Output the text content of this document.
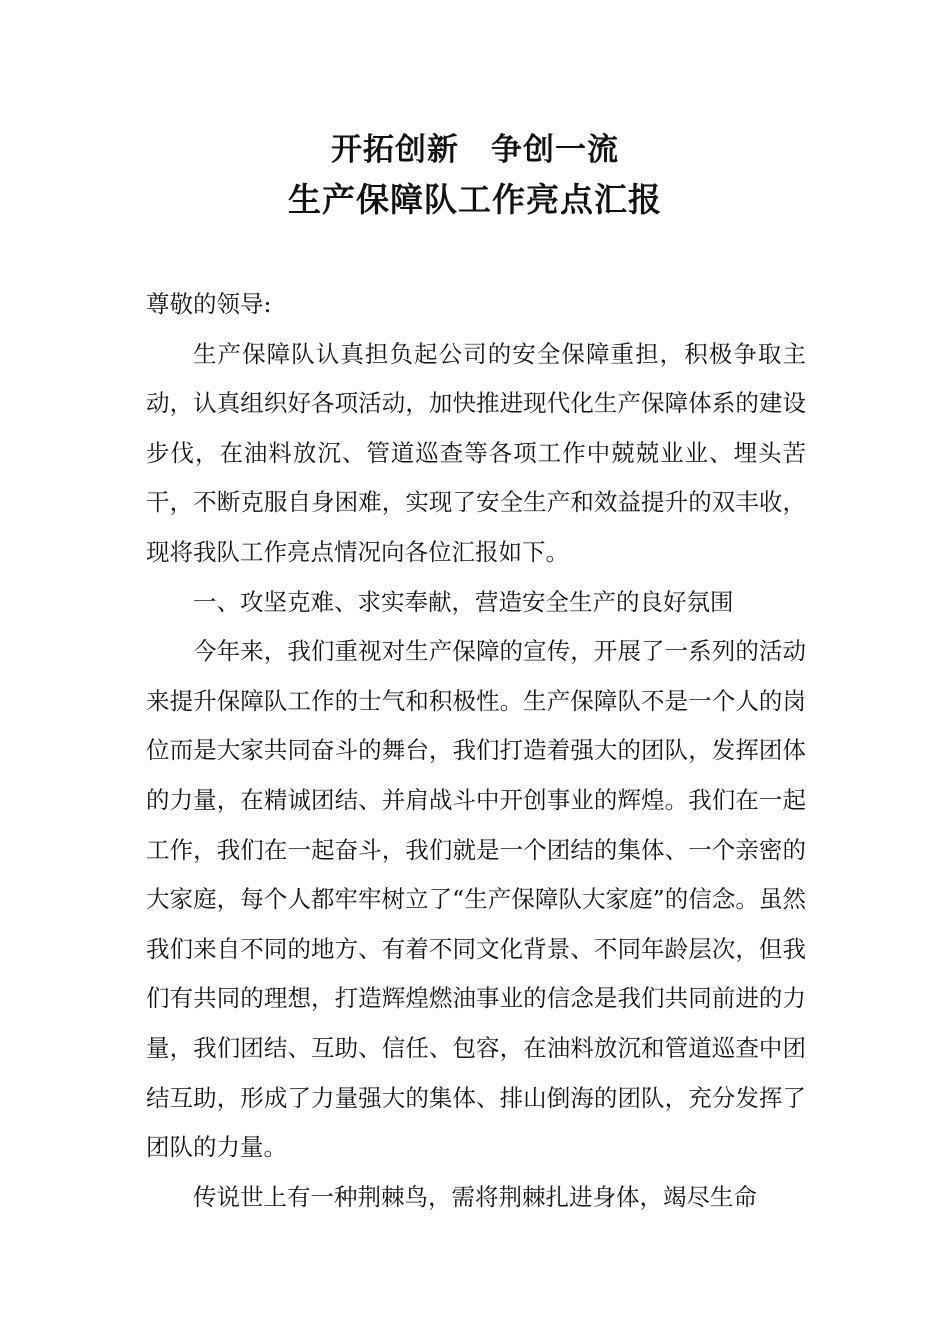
开拓创新　争创一流
生产保障队工作亮点汇报

尊敬的领导:

生产保障队认真担负起公司的安全保障重担，积极争取主动，认真组织好各项活动，加快推进现代化生产保障体系的建设步伐，在油料放沉、管道巡查等各项工作中兢兢业业、埋头苦干，不断克服自身困难，实现了安全生产和效益提升的双丰收，现将我队工作亮点情况向各位汇报如下。

一、攻坚克难、求实奉献，营造安全生产的良好氛围

今年来，我们重视对生产保障的宣传，开展了一系列的活动来提升保障队工作的士气和积极性。生产保障队不是一个人的岗位而是大家共同奋斗的舞台，我们打造着强大的团队，发挥团体的力量，在精诚团结、并肩战斗中开创事业的辉煌。我们在一起工作，我们在一起奋斗，我们就是一个团结的集体、一个亲密的大家庭，每个人都牢牢树立了“生产保障队大家庭”的信念。虽然我们来自不同的地方、有着不同文化背景、不同年龄层次，但我们有共同的理想，打造辉煌燃油事业的信念是我们共同前进的力量，我们团结、互助、信任、包容，在油料放沉和管道巡查中团结互助，形成了力量强大的集体、排山倒海的团队，充分发挥了团队的力量。

传说世上有一种荆棘鸟，需将荆棘扎进身体，竭尽生命
